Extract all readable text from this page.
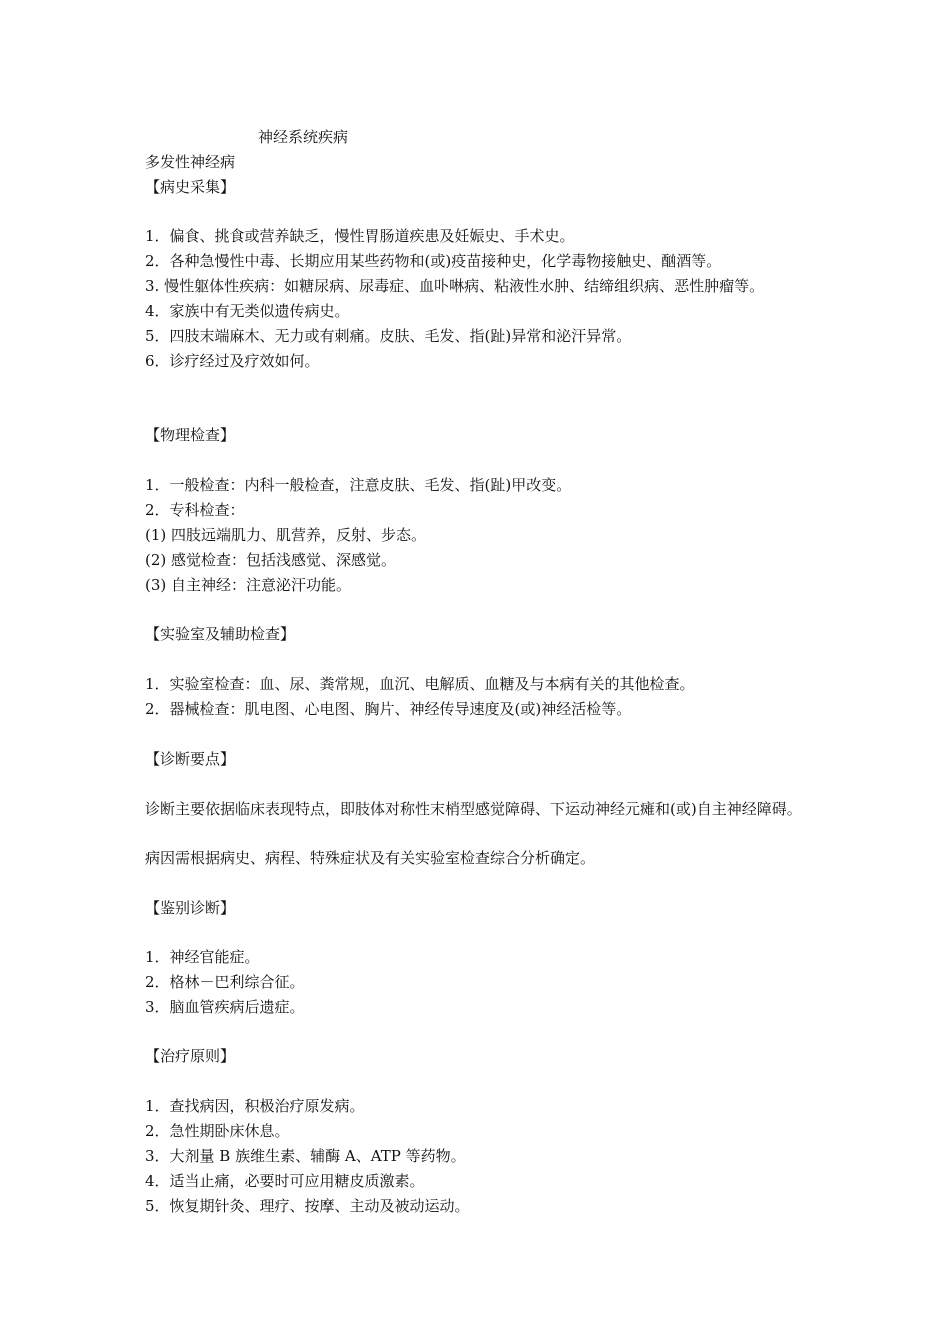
神经系统疾病
多发性神经病
【病史采集】
1．偏食、挑食或营养缺乏，慢性胃肠道疾患及妊娠史、手术史。
2．各种急慢性中毒、长期应用某些药物和(或)疫苗接种史，化学毒物接触史、酗酒等。
3. 慢性躯体性疾病：如糖尿病、尿毒症、血卟啉病、粘液性水肿、结缔组织病、恶性肿瘤等。
4．家族中有无类似遗传病史。
5．四肢末端麻木、无力或有刺痛。皮肤、毛发、指(趾)异常和泌汗异常。
6．诊疗经过及疗效如何。
【物理检查】
1．一般检查：内科一般检查，注意皮肤、毛发、指(趾)甲改变。
2．专科检查：
(1) 四肢远端肌力、肌营养，反射、步态。
(2) 感觉检查：包括浅感觉、深感觉。
(3) 自主神经：注意泌汗功能。
【实验室及辅助检查】
1．实验室检查：血、尿、粪常规，血沉、电解质、血糖及与本病有关的其他检查。
2．器械检查：肌电图、心电图、胸片、神经传导速度及(或)神经活检等。
【诊断要点】
诊断主要依据临床表现特点，即肢体对称性末梢型感觉障碍、下运动神经元瘫和(或)自主神经障碍。
病因需根据病史、病程、特殊症状及有关实验室检查综合分析确定。
【鉴别诊断】
1．神经官能症。
2．格林－巴利综合征。
3．脑血管疾病后遗症。
【治疗原则】
1．查找病因，积极治疗原发病。
2．急性期卧床休息。
3．大剂量 B 族维生素、辅酶 A、ATP 等药物。
4．适当止痛，必要时可应用糖皮质激素。
5．恢复期针灸、理疗、按摩、主动及被动运动。
